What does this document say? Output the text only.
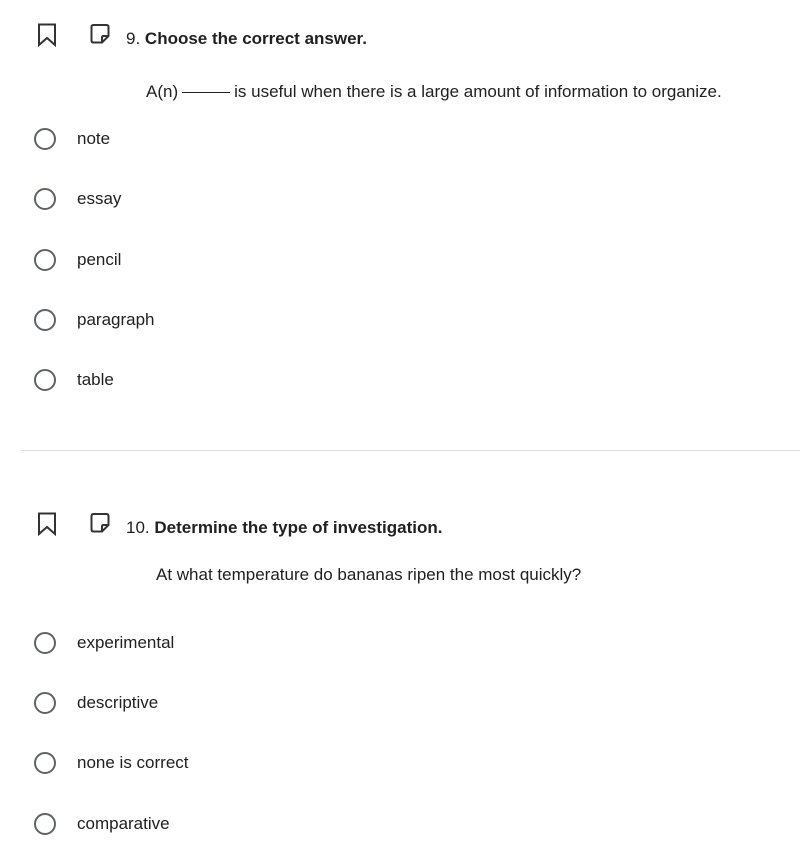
9. Choose the correct answer.
A(n)	is useful when there is a large amount of information to organize.
note
essay
pencil
paragraph
table
10. Determine the type of investigation.
At what temperature do bananas ripen the most quickly?
experimental
descriptive
none is correct
comparative
